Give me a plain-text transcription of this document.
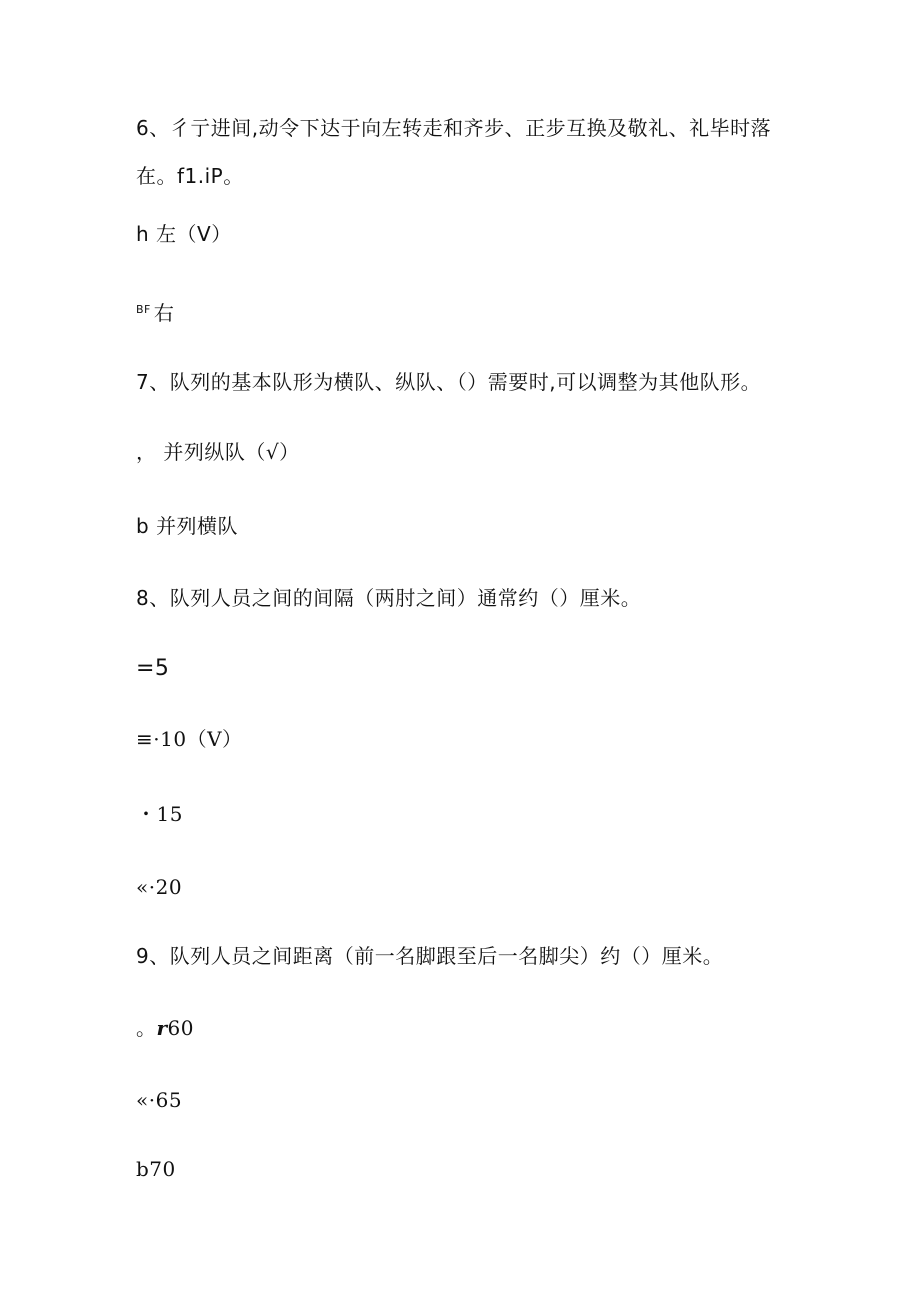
6、彳亍进间,动令下达于向左转走和齐步、正步互换及敬礼、礼毕时落
在。f1.iP。
h 左（V）
$^{BF}$ 右
7、队列的基本队形为横队、纵队、（）需要时,可以调整为其他队形。
， 并列纵队（√）
b 并列横队
8、队列人员之间的间隔（两肘之间）通常约（）厘米。
=5
≡·10（V）
・15
«·20
9、队列人员之间距离（前一名脚跟至后一名脚尖）约（）厘米。
。r60
«·65
b70
